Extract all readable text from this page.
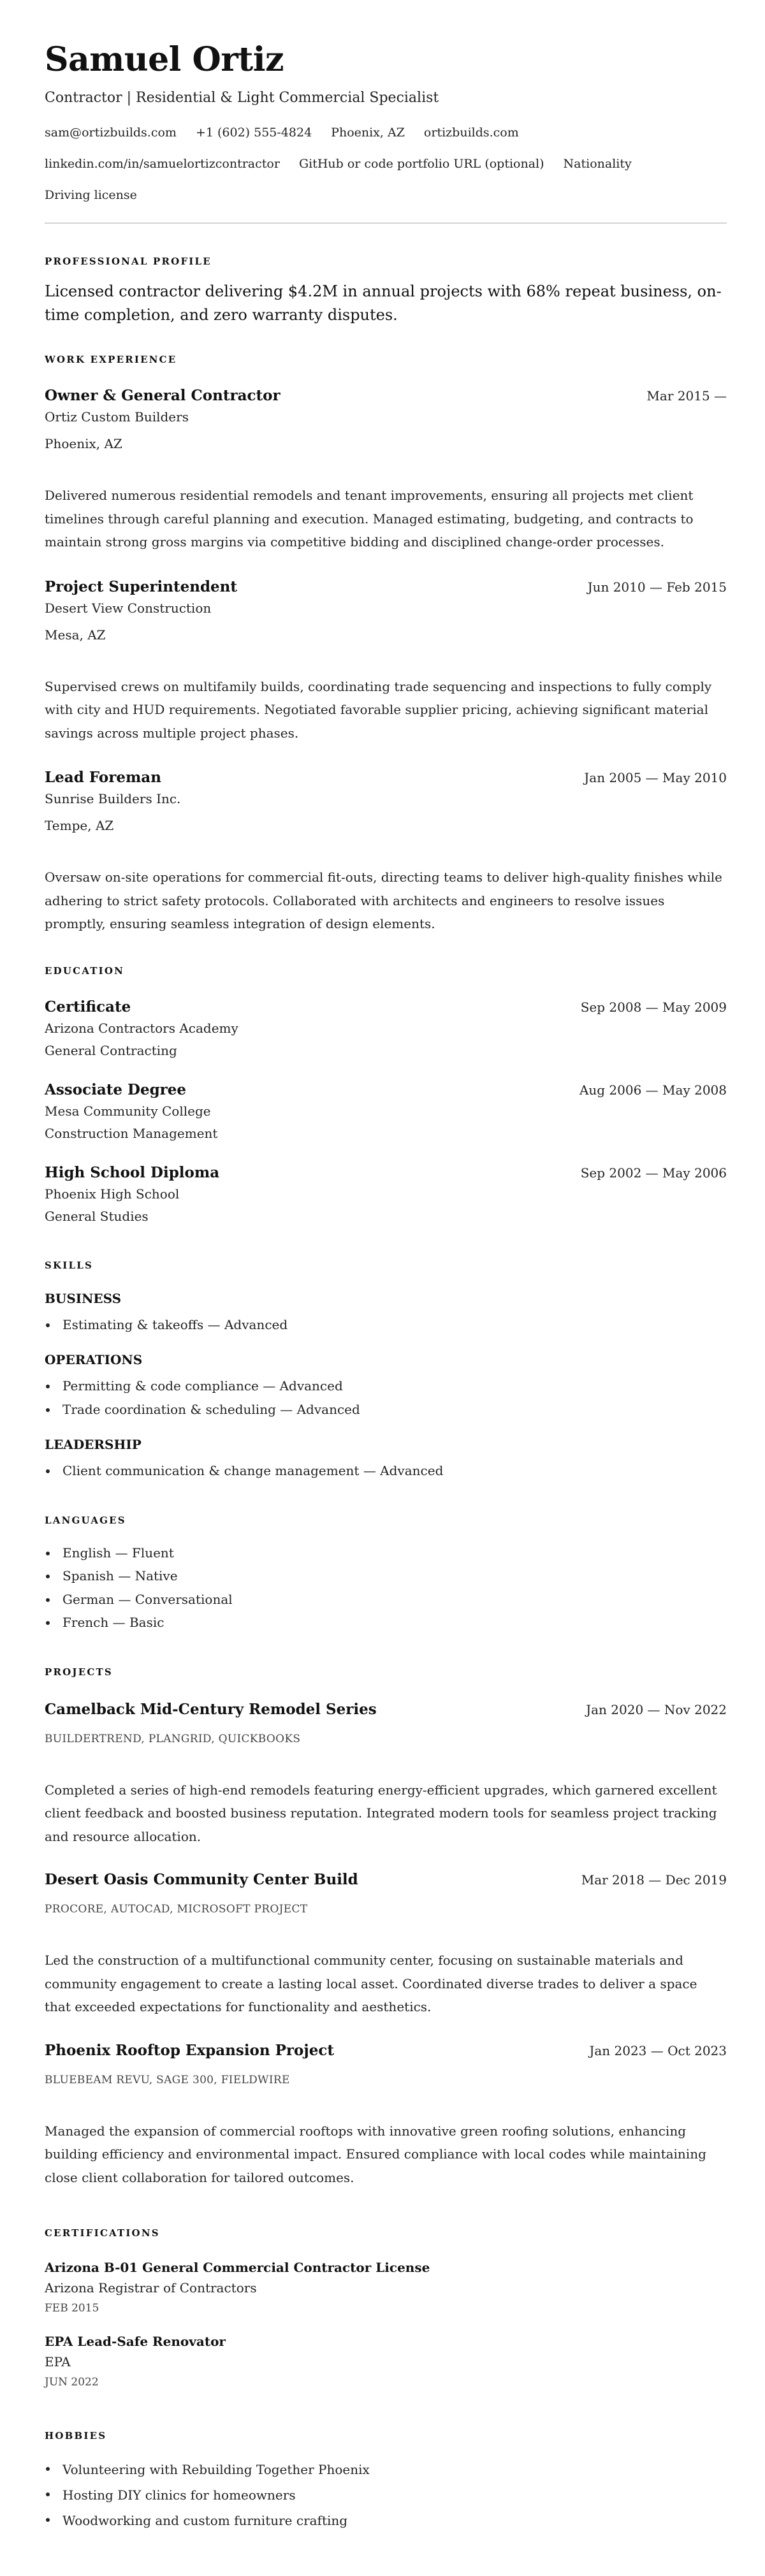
Samuel Ortiz
Contractor | Residential & Light Commercial Specialist
sam@ortizbuilds.com +1 (602) 555-4824 Phoenix, AZ ortizbuilds.com
linkedin.com/in/samuelortizcontractor GitHub or code portfolio URL (optional) Nationality
Driving license
PROFESSIONAL PROFILE

Licensed contractor delivering $4.2M in annual projects with 68% repeat business, on-time completion, and zero warranty disputes.

WORK EXPERIENCE
Owner & General Contractor	Mar 2015 —
Ortiz Custom Builders
Phoenix, AZ

Delivered numerous residential remodels and tenant improvements, ensuring all projects met client timelines through careful planning and execution. Managed estimating, budgeting, and contracts to maintain strong gross margins via competitive bidding and disciplined change-order processes.

Project Superintendent	Jun 2010 — Feb 2015
Desert View Construction
Mesa, AZ

Supervised crews on multifamily builds, coordinating trade sequencing and inspections to fully comply with city and HUD requirements. Negotiated favorable supplier pricing, achieving significant material savings across multiple project phases.

Lead Foreman	Jan 2005 — May 2010
Sunrise Builders Inc.
Tempe, AZ

Oversaw on-site operations for commercial fit-outs, directing teams to deliver high-quality finishes while adhering to strict safety protocols. Collaborated with architects and engineers to resolve issues promptly, ensuring seamless integration of design elements.

EDUCATION
Certificate	Sep 2008 — May 2009
Arizona Contractors Academy
General Contracting
Associate Degree	Aug 2006 — May 2008
Mesa Community College
Construction Management
High School Diploma	Sep 2002 — May 2006
Phoenix High School
General Studies
SKILLS
BUSINESS
Estimating & takeoffs — Advanced
OPERATIONS
Permitting & code compliance — Advanced
Trade coordination & scheduling — Advanced
LEADERSHIP
Client communication & change management — Advanced
LANGUAGES
English — Fluent
Spanish — Native
German — Conversational
French — Basic
PROJECTS
Camelback Mid-Century Remodel Series	Jan 2020 — Nov 2022
BUILDERTREND, PLANGRID, QUICKBOOKS

Completed a series of high-end remodels featuring energy-efficient upgrades, which garnered excellent client feedback and boosted business reputation. Integrated modern tools for seamless project tracking and resource allocation.

Desert Oasis Community Center Build	Mar 2018 — Dec 2019
PROCORE, AUTOCAD, MICROSOFT PROJECT

Led the construction of a multifunctional community center, focusing on sustainable materials and community engagement to create a lasting local asset. Coordinated diverse trades to deliver a space that exceeded expectations for functionality and aesthetics.

Phoenix Rooftop Expansion Project	Jan 2023 — Oct 2023
BLUEBEAM REVU, SAGE 300, FIELDWIRE

Managed the expansion of commercial rooftops with innovative green roofing solutions, enhancing building efficiency and environmental impact. Ensured compliance with local codes while maintaining close client collaboration for tailored outcomes.

CERTIFICATIONS
Arizona B-01 General Commercial Contractor License
Arizona Registrar of Contractors
FEB 2015
EPA Lead-Safe Renovator
EPA
JUN 2022
HOBBIES
Volunteering with Rebuilding Together Phoenix
Hosting DIY clinics for homeowners
Woodworking and custom furniture crafting
